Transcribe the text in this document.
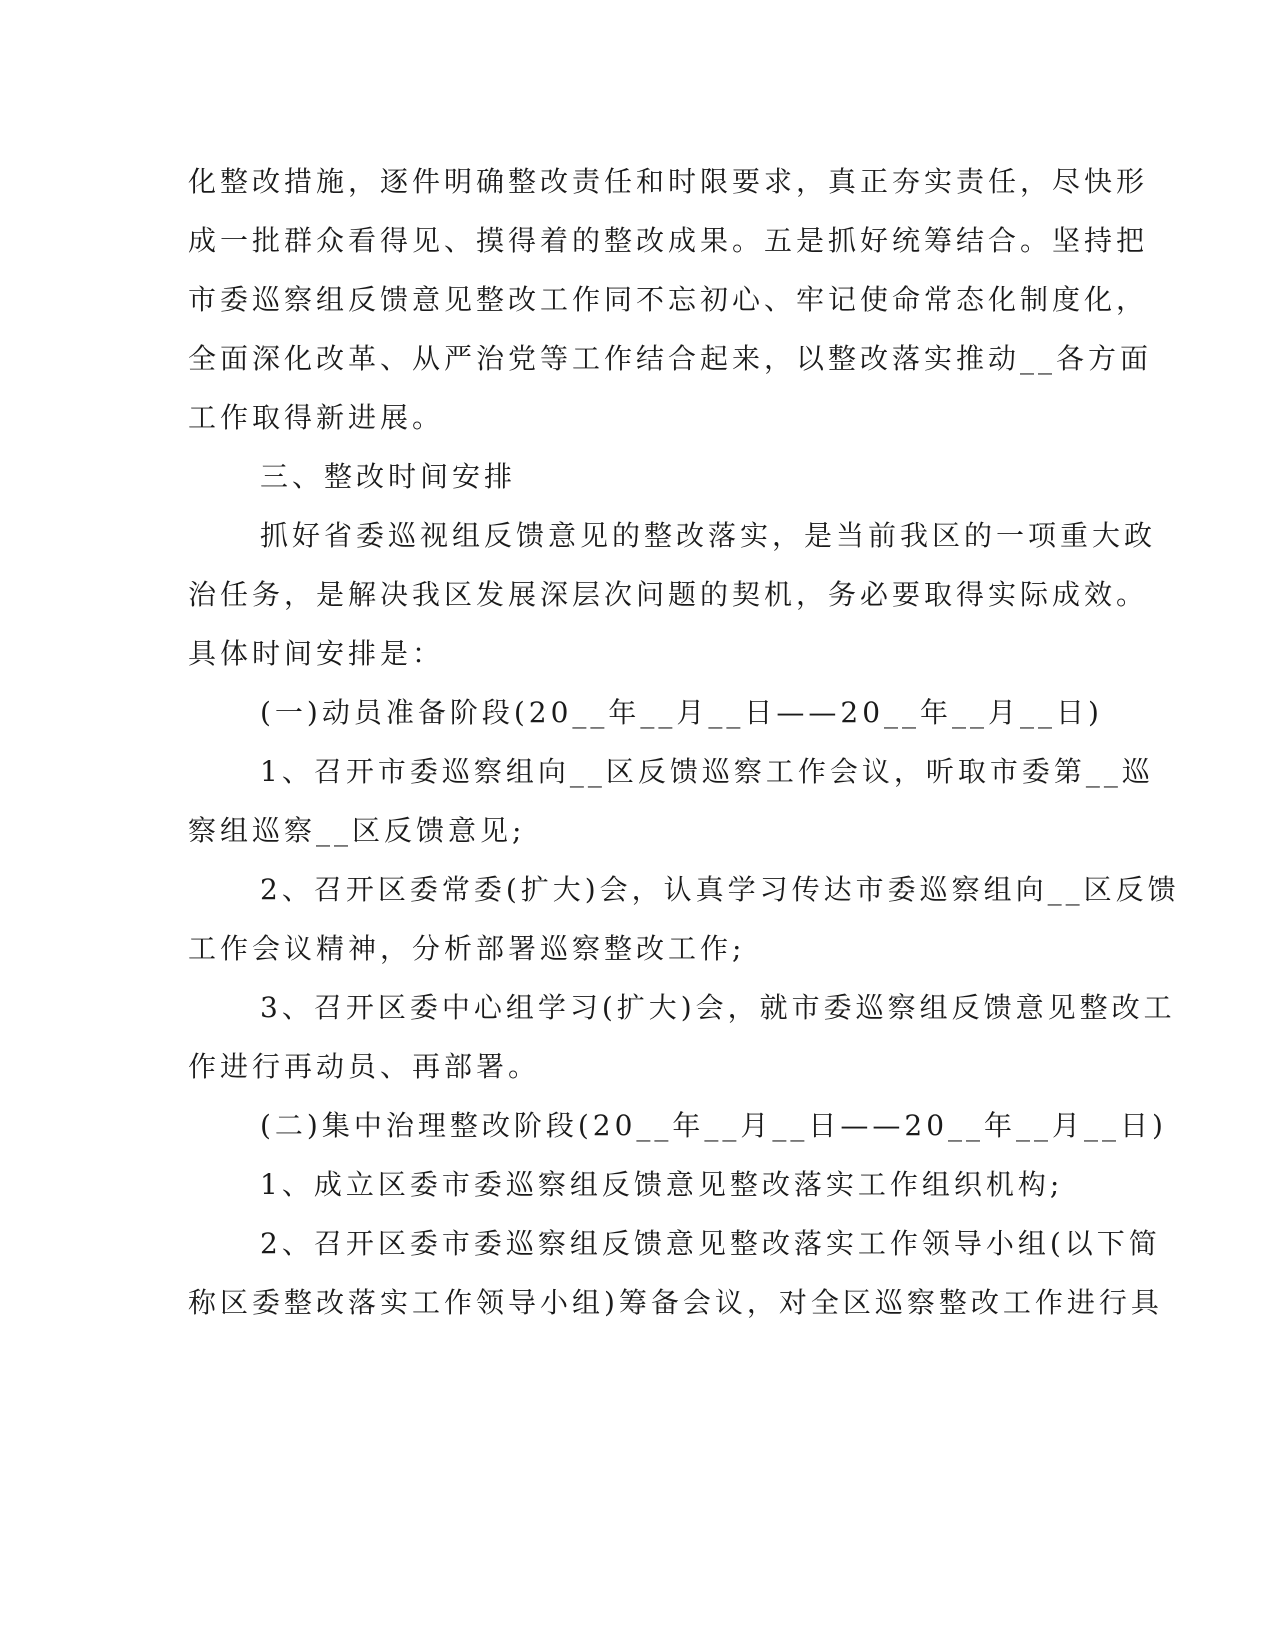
化整改措施，逐件明确整改责任和时限要求，真正夯实责任，尽快形
成一批群众看得见、摸得着的整改成果。五是抓好统筹结合。坚持把
市委巡察组反馈意见整改工作同不忘初心、牢记使命常态化制度化，
全面深化改革、从严治党等工作结合起来，以整改落实推动__各方面
工作取得新进展。
三、整改时间安排
抓好省委巡视组反馈意见的整改落实，是当前我区的一项重大政
治任务，是解决我区发展深层次问题的契机，务必要取得实际成效。
具体时间安排是：
(一)动员准备阶段(20__年__月__日——20__年__月__日)
1、召开市委巡察组向__区反馈巡察工作会议，听取市委第__巡
察组巡察__区反馈意见;
2、召开区委常委(扩大)会，认真学习传达市委巡察组向__区反馈
工作会议精神，分析部署巡察整改工作;
3、召开区委中心组学习(扩大)会，就市委巡察组反馈意见整改工
作进行再动员、再部署。
(二)集中治理整改阶段(20__年__月__日——20__年__月__日)
1、成立区委市委巡察组反馈意见整改落实工作组织机构;
2、召开区委市委巡察组反馈意见整改落实工作领导小组(以下简
称区委整改落实工作领导小组)筹备会议，对全区巡察整改工作进行具
